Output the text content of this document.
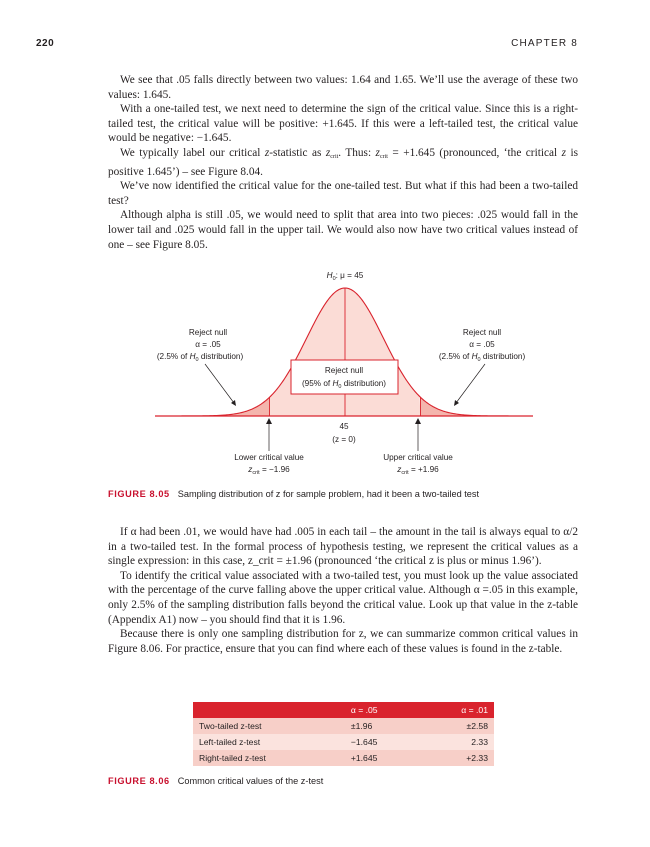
220	CHAPTER 8

We see that .05 falls directly between two values: 1.64 and 1.65. We’ll use the average of these two values: 1.645.

With a one-tailed test, we next need to determine the sign of the critical value. Since this is a right-tailed test, the critical value will be positive: +1.645. If this were a left-tailed test, the critical value would be negative: −1.645.

We typically label our critical z-statistic as $z_{crit}$. Thus: $z_{crit} = +1.645$ (pronounced, ‘the critical z is positive 1.645’) – see Figure 8.04.

We’ve now identified the critical value for the one-tailed test. But what if this had been a two-tailed test?

Although alpha is still .05, we would need to split that area into two pieces: .025 would fall in the lower tail and .025 would fall in the upper tail. We would also now have two critical values instead of one – see Figure 8.05.

$H_0$: μ = 45
Reject null
α = .05
(2.5% of $H_0$ distribution)
Reject null
α = .05
(2.5% of $H_0$ distribution)
Reject null
(95% of $H_0$ distribution)
45
(z = 0)
Lower critical value
$z_{crit} = -1.96$
Upper critical value
$z_{crit} = +1.96$
FIGURE 8.05 Sampling distribution of z for sample problem, had it been a two-tailed test

If α had been .01, we would have had .005 in each tail – the amount in the tail is always equal to α/2 in a two-tailed test. In the formal process of hypothesis testing, we represent the critical values as a single expression: in this case, z_crit = ±1.96 (pronounced ‘the critical z is plus or minus 1.96’).

To identify the critical value associated with a two-tailed test, you must look up the value associated with the percentage of the curve falling above the upper critical value. Although α =.05 in this example, only 2.5% of the sampling distribution falls beyond the critical value. Look up that value in the z-table (Appendix A1) now – you should find that it is 1.96.

Because there is only one sampling distribution for z, we can summarize common critical values in Figure 8.06. For practice, ensure that you can find where each of these values is found in the z-table.

	α = .05	α = .01
Two-tailed z-test	±1.96	±2.58
Left-tailed z-test	−1.645	2.33
Right-tailed z-test	+1.645	+2.33
FIGURE 8.06 Common critical values of the z-test
